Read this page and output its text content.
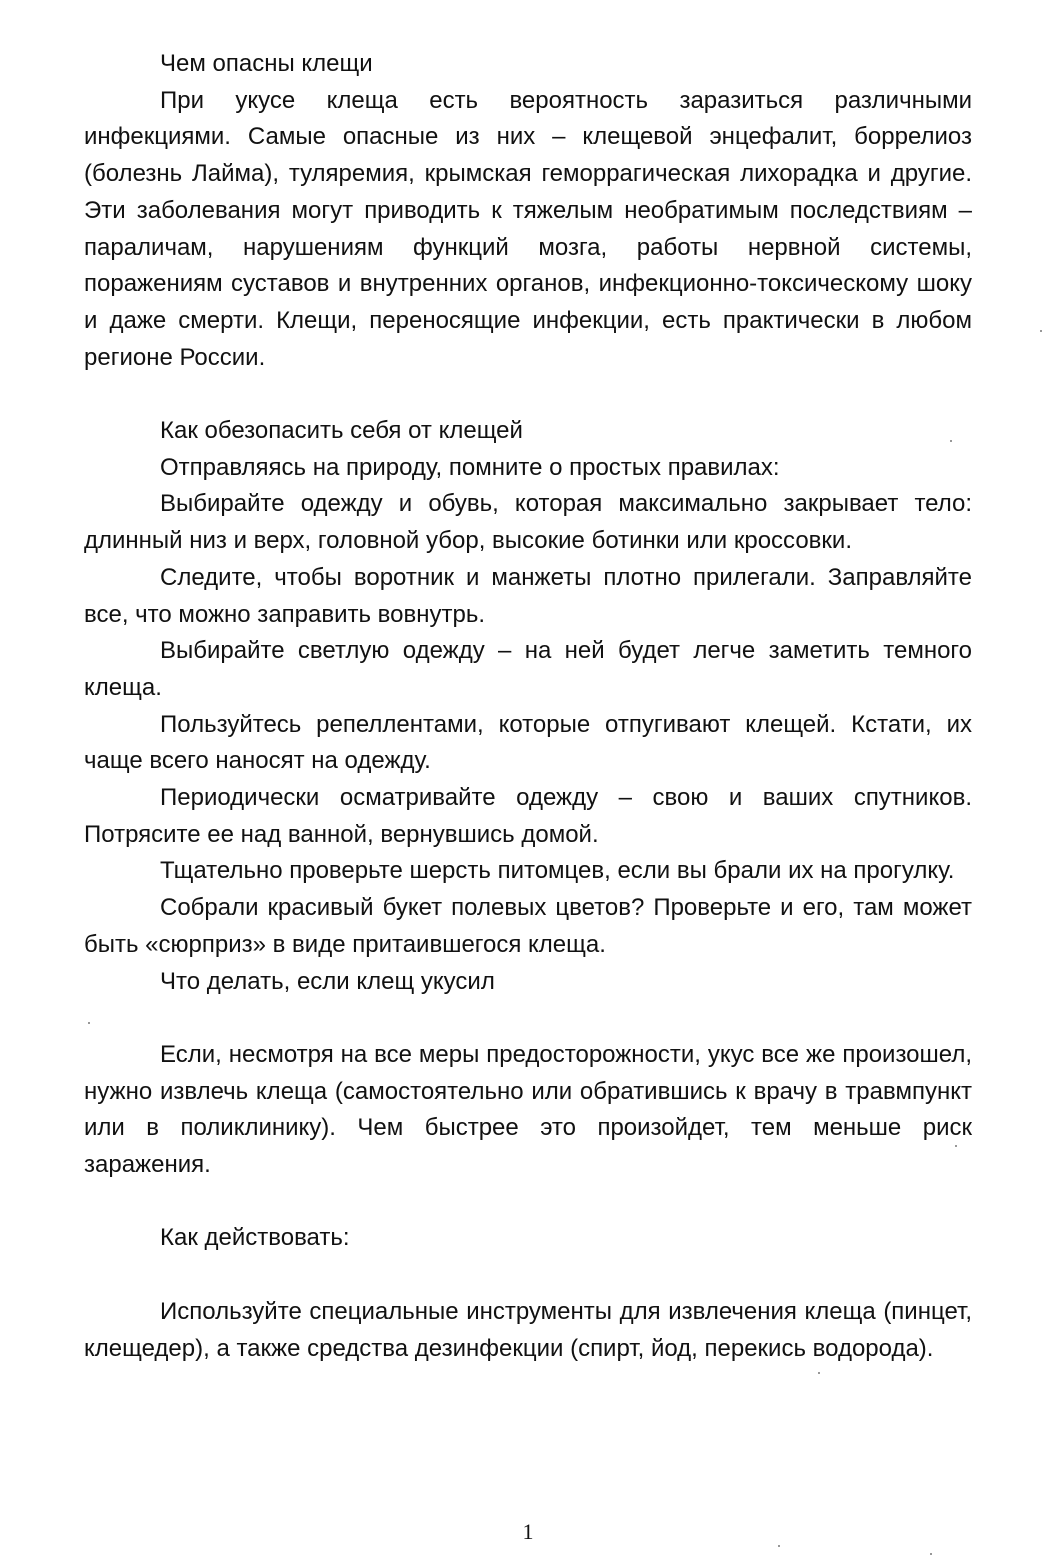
Чем опасны клещи

При укусе клеща есть вероятность заразиться различными инфекциями. Самые опасные из них – клещевой энцефалит, боррелиоз (болезнь Лайма), туляремия, крымская геморрагическая лихорадка и другие. Эти заболевания могут приводить к тяжелым необратимым последствиям – параличам, нарушениям функций мозга, работы нервной системы, поражениям суставов и внутренних органов, инфекционно-токсическому шоку и даже смерти. Клещи, переносящие инфекции, есть практически в любом регионе России.

Как обезопасить себя от клещей

Отправляясь на природу, помните о простых правилах:

Выбирайте одежду и обувь, которая максимально закрывает тело: длинный низ и верх, головной убор, высокие ботинки или кроссовки.

Следите, чтобы воротник и манжеты плотно прилегали. Заправляйте все, что можно заправить вовнутрь.

Выбирайте светлую одежду – на ней будет легче заметить темного клеща.

Пользуйтесь репеллентами, которые отпугивают клещей. Кстати, их чаще всего наносят на одежду.

Периодически осматривайте одежду – свою и ваших спутников. Потрясите ее над ванной, вернувшись домой.

Тщательно проверьте шерсть питомцев, если вы брали их на прогулку.

Собрали красивый букет полевых цветов? Проверьте и его, там может быть «сюрприз» в виде притаившегося клеща.

Что делать, если клещ укусил

Если, несмотря на все меры предосторожности, укус все же произошел, нужно извлечь клеща (самостоятельно или обратившись к врачу в травмпункт или в поликлинику). Чем быстрее это произойдет, тем меньше риск заражения.

Как действовать:

Используйте специальные инструменты для извлечения клеща (пинцет, клещедер), а также средства дезинфекции (спирт, йод, перекись водорода).

1
